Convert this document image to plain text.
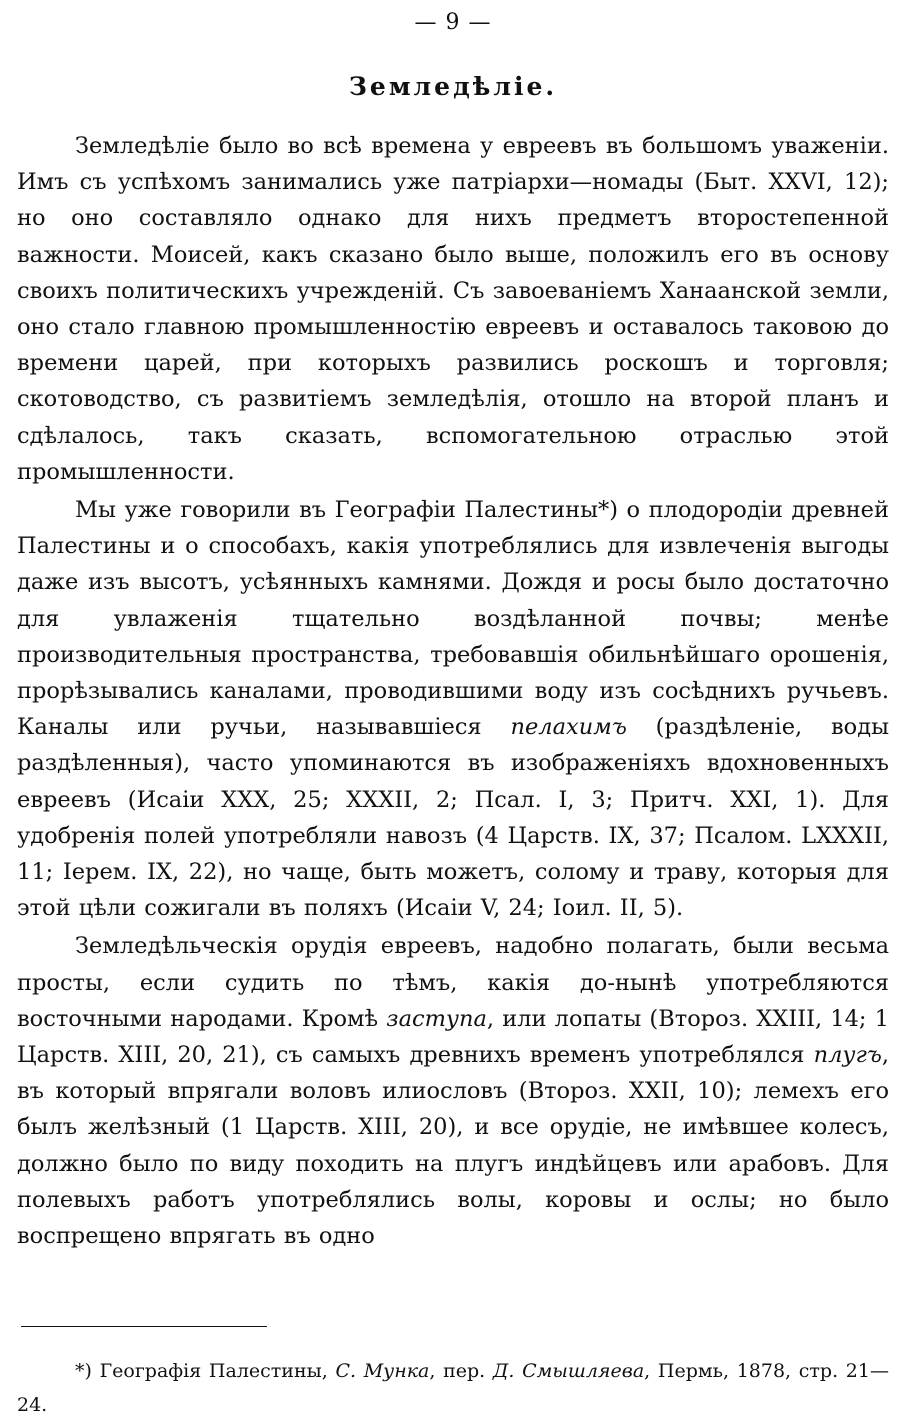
— 9 —
Земледѣліе.

Земледѣліе было во всѣ времена у евреевъ въ большомъ уваженіи. Имъ съ успѣхомъ занимались уже патріархи—номады (Быт. XXVI, 12); но оно составляло однако для нихъ предметъ второстепенной важности. Моисей, какъ сказано было выше, положилъ его въ основу своихъ политическихъ учрежденій. Съ завоеваніемъ Ханаанской земли, оно стало главною промышленностію евреевъ и оставалось таковою до времени царей, при которыхъ развились роскошъ и торговля; скотоводство, съ развитіемъ земледѣлія, отошло на второй планъ и сдѣлалось, такъ сказать, вспомогательною отраслью этой промышленности.

Мы уже говорили въ Географіи Палестины*) о плодородіи древней Палестины и о способахъ, какія употреблялись для извлеченія выгоды даже изъ высотъ, усѣянныхъ камнями. Дождя и росы было достаточно для увлаженія тщательно воздѣланной почвы; менѣе производительныя пространства, требовавшія обильнѣйшаго орошенія, прорѣзывались каналами, проводившими воду изъ сосѣднихъ ручьевъ. Каналы или ручьи, называвшіеся пелахимъ (раздѣленіе, воды раздѣленныя), часто упоминаются въ изображеніяхъ вдохновенныхъ евреевъ (Исаіи XXX, 25; XXXII, 2; Псал. I, 3; Притч. XXI, 1). Для удобренія полей употребляли навозъ (4 Царств. IX, 37; Псалом. LXXXII, 11; Іерем. IX, 22), но чаще, быть можетъ, солому и траву, которыя для этой цѣли сожигали въ поляхъ (Исаіи V, 24; Іоил. II, 5).

Земледѣльческія орудія евреевъ, надобно полагать, были весьма просты, если судить по тѣмъ, какія до-нынѣ употребляются восточными народами. Кромѣ заступа, или лопаты (Второз. XXIII, 14; 1 Царств. XIII, 20, 21), съ самыхъ древнихъ временъ употреблялся плугъ, въ который впрягали воловъ илиословъ (Второз. XXII, 10); лемехъ его былъ желѣзный (1 Царств. XIII, 20), и все орудіе, не имѣвшее колесъ, должно было по виду походить на плугъ индѣйцевъ или арабовъ. Для полевыхъ работъ употреблялись волы, коровы и ослы; но было воспрещено впрягать въ одно

*) Географія Палестины, С. Мунка, пер. Д. Смышляева, Пермь, 1878, стр. 21—24.
